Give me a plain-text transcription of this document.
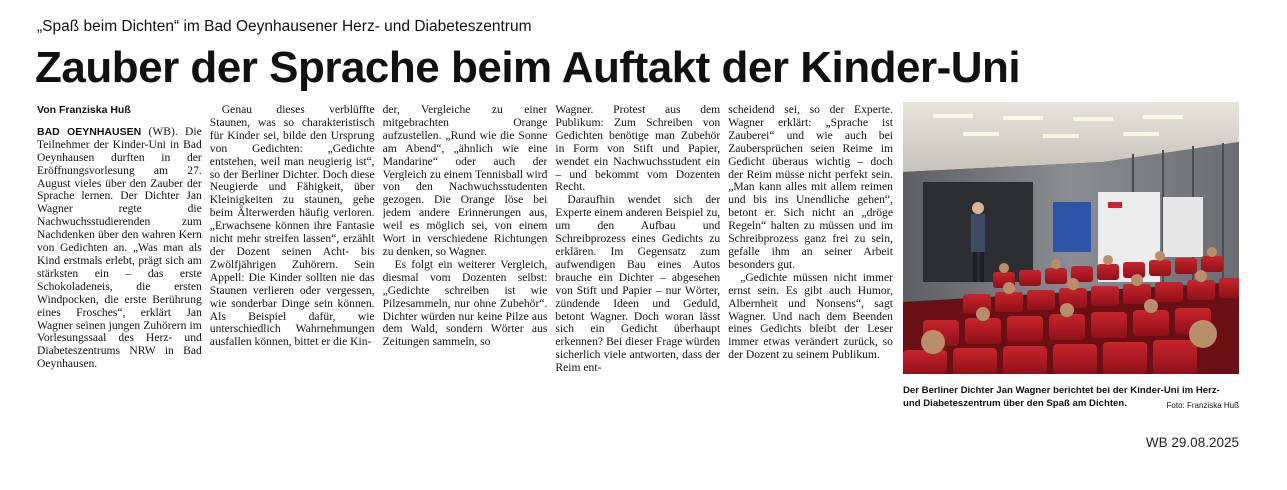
„Spaß beim Dichten“ im Bad Oeynhausener Herz- und Diabeteszentrum
Zauber der Sprache beim Auftakt der Kinder-Uni
Von Franziska Huß

BAD OEYNHAUSEN (WB). Die Teilnehmer der Kinder-Uni in Bad Oeynhausen durften in der Eröffnungsvorlesung am 27. August vieles über den Zauber der Sprache lernen. Der Dichter Jan Wagner regte die Nachwuchsstudierenden zum Nachdenken über den wahren Kern von Gedichten an. „Was man als Kind erstmals erlebt, prägt sich am stärksten ein – das erste Schokoladeneis, die ersten Windpocken, die erste Berührung eines Frosches“, erklärt Jan Wagner seinen jungen Zuhörern im Vorlesungssaal des Herz- und Diabeteszentrums NRW in Bad Oeynhausen.

Genau dieses verblüffte Staunen, was so charakteristisch für Kinder sei, bilde den Ursprung von Gedichten: „Gedichte entstehen, weil man neugierig ist“, so der Berliner Dichter. Doch diese Neugierde und Fähigkeit, über Kleinigkeiten zu staunen, gehe beim Älterwerden häufig verloren. „Erwachsene können ihre Fantasie nicht mehr streifen lassen“, erzählt der Dozent seinen Acht- bis Zwölfjährigen Zuhörern. Sein Appell: Die Kinder sollten nie das Staunen verlieren oder vergessen, wie sonderbar Dinge sein können. Als Beispiel dafür, wie unterschiedlich Wahrnehmungen ausfallen können, bittet er die Kin-

der, Vergleiche zu einer mitgebrachten Orange aufzustellen. „Rund wie die Sonne am Abend“, „ähnlich wie eine Mandarine“ oder auch der Vergleich zu einem Tennisball wird von den Nachwuchsstudenten gezogen. Die Orange löse bei jedem andere Erinnerungen aus, weil es möglich sei, von einem Wort in verschiedene Richtungen zu denken, so Wagner.

Es folgt ein weiterer Vergleich, diesmal vom Dozenten selbst: „Gedichte schreiben ist wie Pilzesammeln, nur ohne Zubehör“. Dichter würden nur keine Pilze aus dem Wald, sondern Wörter aus Zeitungen sammeln, so

Wagner. Protest aus dem Publikum: Zum Schreiben von Gedichten benötige man Zubehör in Form von Stift und Papier, wendet ein Nachwuchsstudent ein – und bekommt vom Dozenten Recht.

Daraufhin wendet sich der Experte einem anderen Beispiel zu, um den Aufbau und Schreibprozess eines Gedichts zu erklären. Im Gegensatz zum aufwendigen Bau eines Autos brauche ein Dichter – abgesehen von Stift und Papier – nur Wörter, zündende Ideen und Geduld, betont Wagner. Doch woran lässt sich ein Gedicht überhaupt erkennen? Bei dieser Frage würden sicherlich viele antworten, dass der Reim ent-

scheidend sei, so der Experte. Wagner erklärt: „Sprache ist Zauberei“ und wie auch bei Zaubersprüchen seien Reime im Gedicht überaus wichtig – doch der Reim müsse nicht perfekt sein. „Man kann alles mit allem reimen und bis ins Unendliche gehen“, betont er. Sich nicht an „dröge Regeln“ halten zu müssen und im Schreibprozess ganz frei zu sein, gefalle ihm an seiner Arbeit besonders gut.

„Gedichte müssen nicht immer ernst sein. Es gibt auch Humor, Albernheit und Nonsens“, sagt Wagner. Und nach dem Beenden eines Gedichts bleibt der Leser immer etwas verändert zurück, so der Dozent zu seinem Publikum.

Der Berliner Dichter Jan Wagner berichtet bei der Kinder-Uni im Herz- und Diabeteszentrum über den Spaß am Dichten.	Foto: Franziska Huß
WB 29.08.2025
